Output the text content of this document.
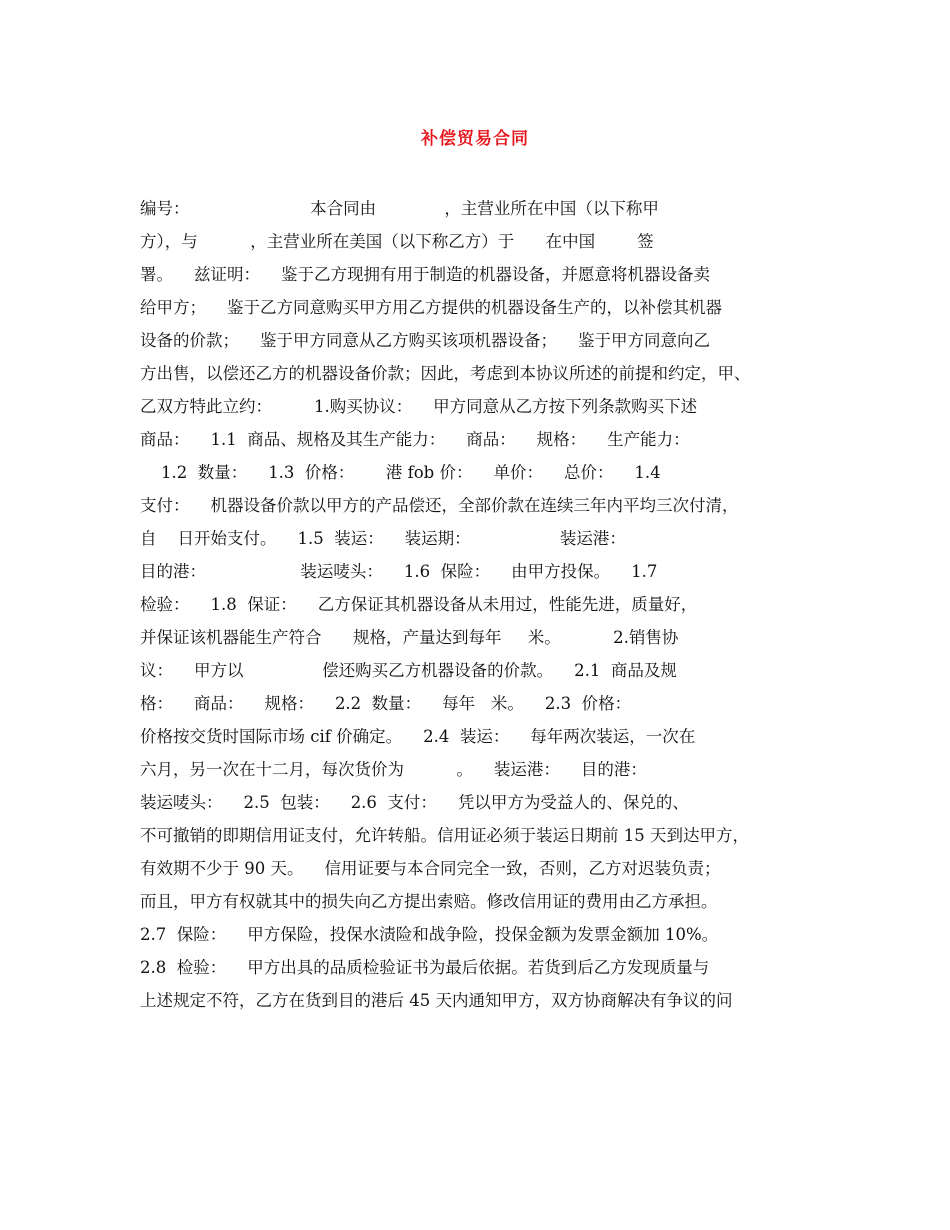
补偿贸易合同
编号：                       本合同由             ，主营业所在中国（以下称甲
方），与          ，主营业所在美国（以下称乙方）于      在中国        签
署。    兹证明：    鉴于乙方现拥有用于制造的机器设备，并愿意将机器设备卖
给甲方；    鉴于乙方同意购买甲方用乙方提供的机器设备生产的，以补偿其机器
设备的价款；    鉴于甲方同意从乙方购买该项机器设备；    鉴于甲方同意向乙
方出售，以偿还乙方的机器设备价款；因此，考虑到本协议所述的前提和约定，甲、
乙双方特此立约：        1.购买协议：    甲方同意从乙方按下列条款购买下述
商品：    1.1  商品、规格及其生产能力：    商品：    规格：    生产能力：
1.2  数量：    1.3  价格：      港 fob 价：    单价：    总价：    1.4
支付：    机器设备价款以甲方的产品偿还，全部价款在连续三年内平均三次付清，
自    日开始支付。    1.5  装运：    装运期：                 装运港：
目的港：                  装运唛头：    1.6  保险：    由甲方投保。    1.7
检验：    1.8  保证：    乙方保证其机器设备从未用过，性能先进，质量好，
并保证该机器能生产符合      规格，产量达到每年     米。          2.销售协
议：    甲方以               偿还购买乙方机器设备的价款。    2.1  商品及规
格：    商品：    规格：    2.2  数量：    每年   米。    2.3  价格：
价格按交货时国际市场 cif 价确定。    2.4  装运：    每年两次装运，一次在
六月，另一次在十二月，每次货价为          。    装运港：    目的港：
装运唛头：    2.5  包装：    2.6  支付：    凭以甲方为受益人的、保兑的、
不可撤销的即期信用证支付，允许转船。信用证必须于装运日期前 15 天到达甲方，
有效期不少于 90 天。    信用证要与本合同完全一致，否则，乙方对迟装负责；
而且，甲方有权就其中的损失向乙方提出索赔。修改信用证的费用由乙方承担。
2.7  保险：    甲方保险，投保水渍险和战争险，投保金额为发票金额加 10%。
2.8  检验：    甲方出具的品质检验证书为最后依据。若货到后乙方发现质量与
上述规定不符，乙方在货到目的港后 45 天内通知甲方，双方协商解决有争议的问
